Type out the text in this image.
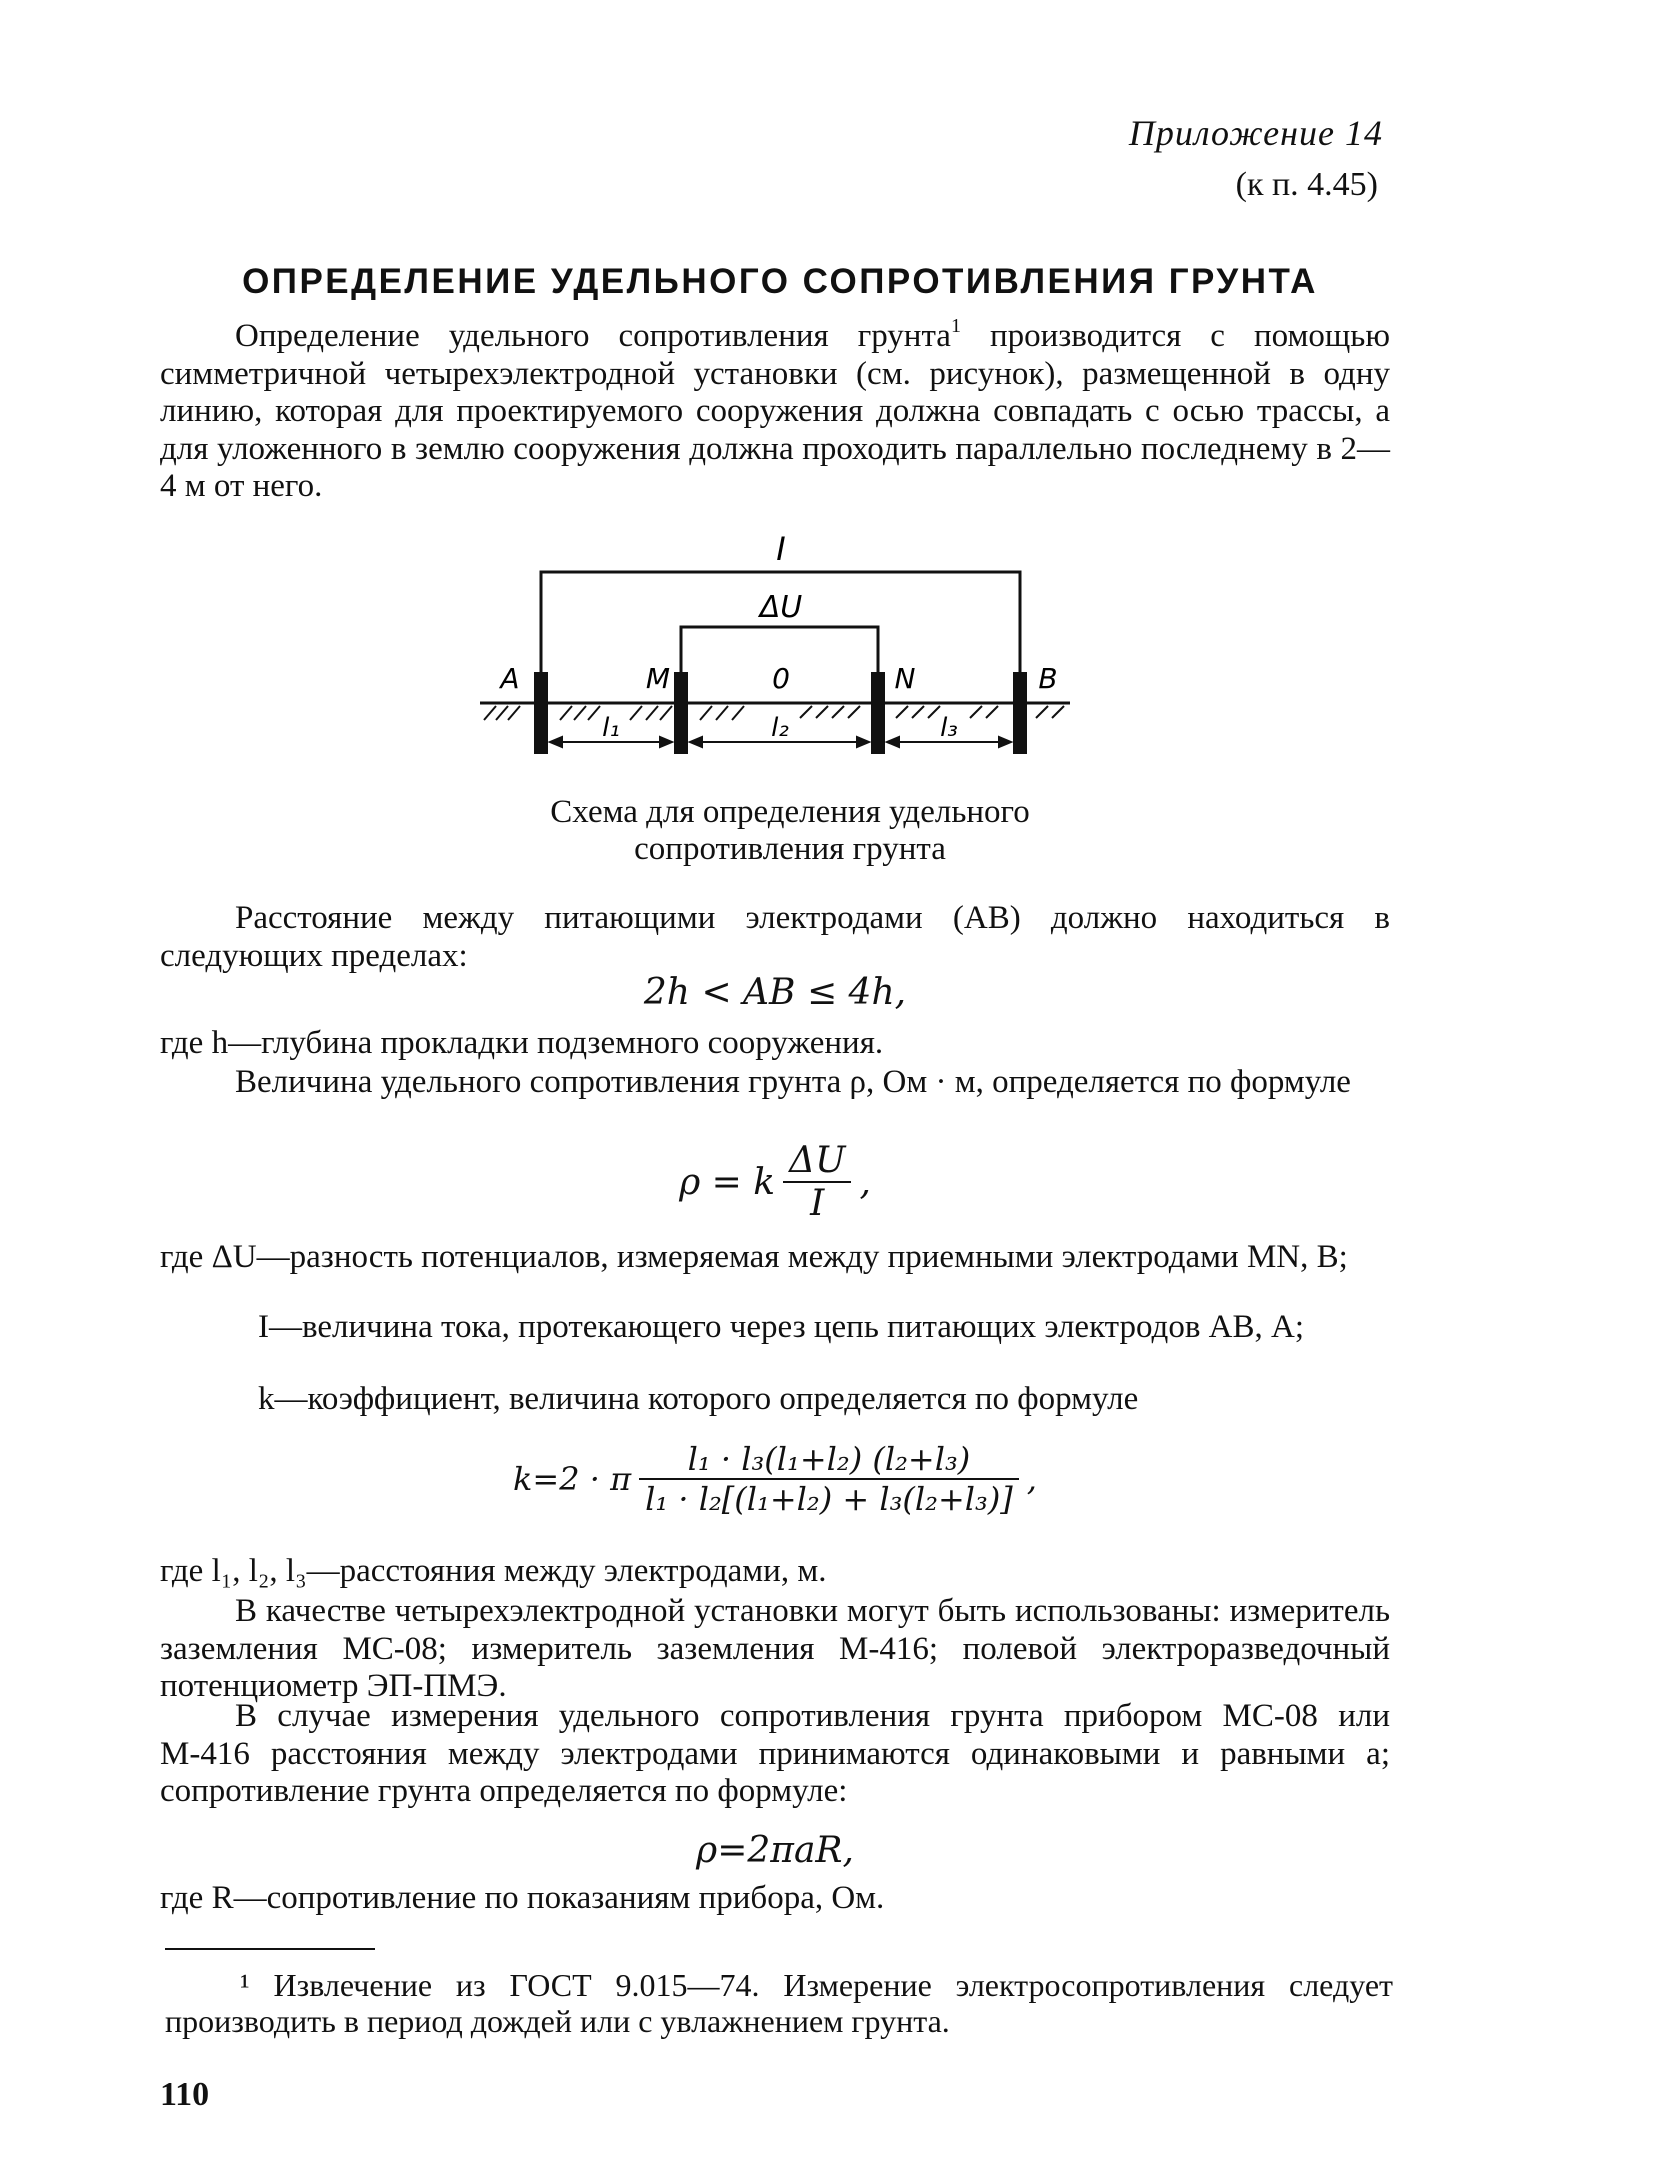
Приложение 14
(к п. 4.45)
ОПРЕДЕЛЕНИЕ УДЕЛЬНОГО СОПРОТИВЛЕНИЯ ГРУНТА
Определение удельного сопротивления грунта$^1$ производится с помощью симметричной четырехэлектродной установки (см. рисунок), размещенной в одну линию, которая для проектируемого сооружения должна совпадать с осью трассы, а для уложенного в землю сооружения должна проходить параллельно последнему в 2—4 м от него.
I
ΔU
A	M	0	N	B
l₁	l₂	l₃
Схема для определения удельного
сопротивления грунта
Расстояние между питающими электродами (AB) должно находиться в следующих пределах:
2h < AB ≤ 4h,
где h—глубина прокладки подземного сооружения.
Величина удельного сопротивления грунта ρ, Ом · м, определяется по формуле
ρ = k $\frac{\Delta U}{I}$ ,
где ΔU—разность потенциалов, измеряемая между приемными электродами MN, В;
I—величина тока, протекающего через цепь питающих электродов AB, А;
k—коэффициент, величина которого определяется по формуле
k=2 · π $\frac{\text{l₁ · l₃(l₁+l₂) (l₂+l₃)}}{\text{l₁ · l₂[(l₁+l₂) + l₃(l₂+l₃)]}}$ ,
где l₁, l₂, l₃—расстояния между электродами, м.
В качестве четырехэлектродной установки могут быть использованы: измеритель заземления МС-08; измеритель заземления М-416; полевой электроразведочный потенциометр ЭП-ПМЭ.
В случае измерения удельного сопротивления грунта прибором МС-08 или М-416 расстояния между электродами принимаются одинаковыми и равными a; сопротивление грунта определяется по формуле:
ρ=2πaR,
где R—сопротивление по показаниям прибора, Ом.
¹ Извлечение из ГОСТ 9.015—74. Измерение электросопротивления следует производить в период дождей или с увлажнением грунта.
110
